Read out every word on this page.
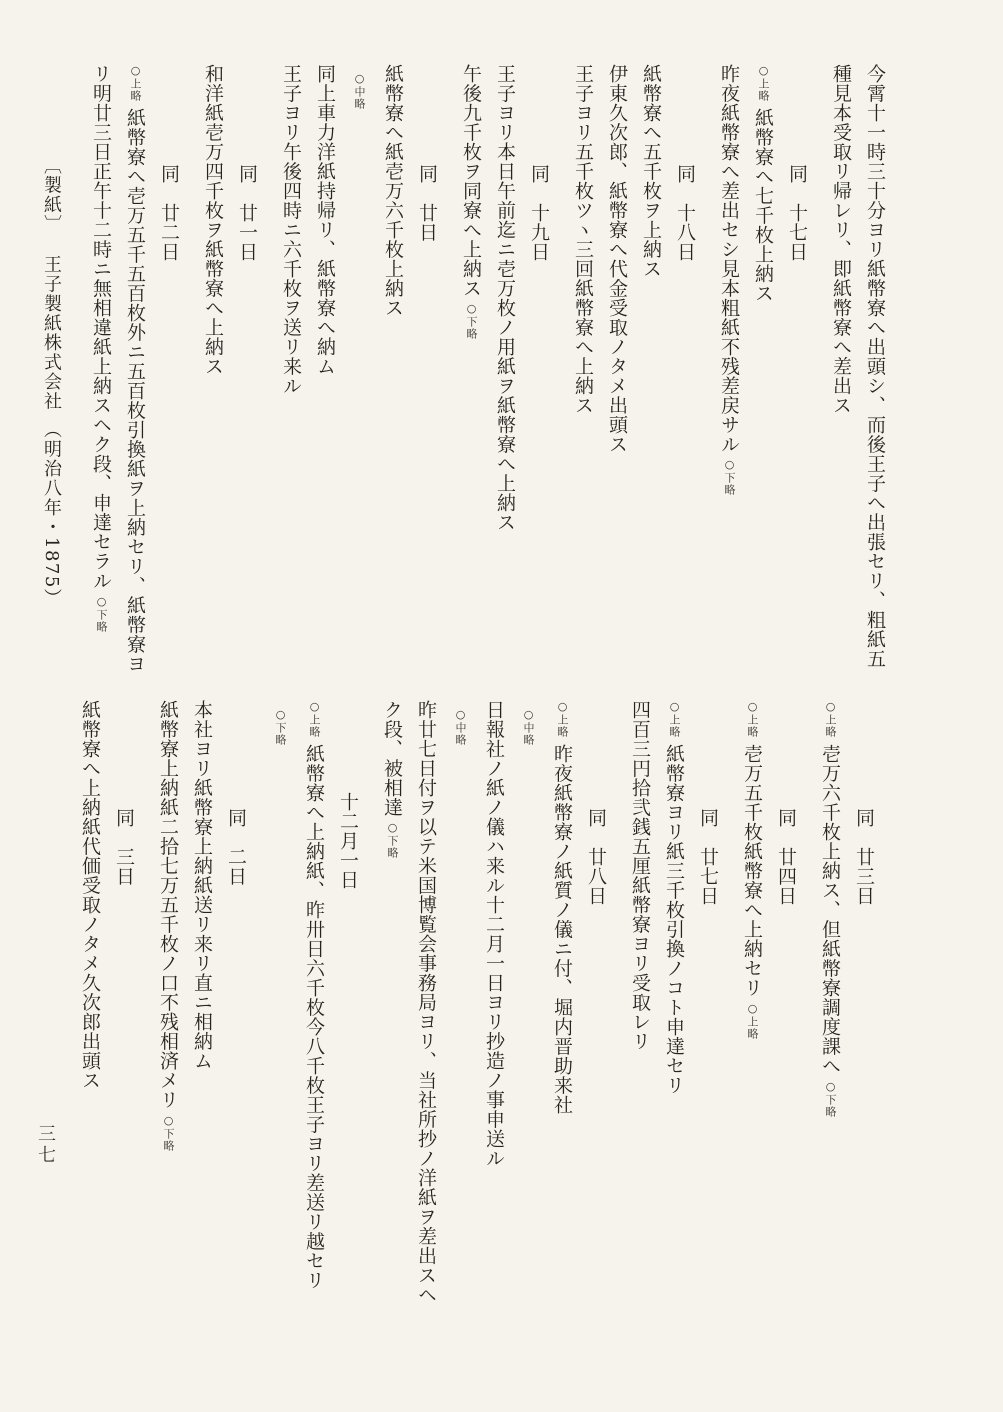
今霄十一時三十分ヨリ紙幣寮へ出頭シ、而後王子へ出張セリ、粗紙五
種見本受取リ帰レリ、即紙幣寮へ差出ス
同　十七日
○上略紙幣寮へ七千枚上納ス
昨夜紙幣寮へ差出セシ見本粗紙不残差戻サル○下略
同　十八日
紙幣寮へ五千枚ヲ上納ス
伊東久次郎、紙幣寮へ代金受取ノタメ出頭ス
王子ヨリ五千枚ツヽ三回紙幣寮へ上納ス
同　十九日
王子ヨリ本日午前迄ニ壱万枚ノ用紙ヲ紙幣寮へ上納ス
午後九千枚ヲ同寮へ上納ス○下略
同　廿日
紙幣寮へ紙壱万六千枚上納ス
○中略
同上車力洋紙持帰リ、紙幣寮へ納ム
王子ヨリ午後四時ニ六千枚ヲ送リ来ル
同　廿一日
和洋紙壱万四千枚ヲ紙幣寮へ上納ス
同　廿二日
○上略紙幣寮へ壱万五千五百枚外ニ五百枚引換紙ヲ上納セリ、紙幣寮ヨ
リ明廿三日正午十二時ニ無相違紙上納スヘク段、申達セラル○下略
〔製紙〕 王子製紙株式会社 （明治八年・1875）
同　廿三日
○上略壱万六千枚上納ス、但紙幣寮調度課へ○下略
同　廿四日
○上略壱万五千枚紙幣寮へ上納セリ○上略
同　廿七日
○上略紙幣寮ヨリ紙三千枚引換ノコト申達セリ
四百三円拾弐銭五厘紙幣寮ヨリ受取レリ
同　廿八日
○上略昨夜紙幣寮ノ紙質ノ儀ニ付、堀内晋助来社
○中略
日報社ノ紙ノ儀ハ来ル十二月一日ヨリ抄造ノ事申送ル
○中略
昨廿七日付ヲ以テ米国博覧会事務局ヨリ、当社所抄ノ洋紙ヲ差出スヘ
ク段、被相達○下略
十二月一日
○上略紙幣寮へ上納紙、昨卅日六千枚今八千枚王子ヨリ差送リ越セリ
○下略
同　二日
本社ヨリ紙幣寮上納紙送リ来リ直ニ相納ム
紙幣寮上納紙二拾七万五千枚ノ口不残相済メリ○下略
同　三日
紙幣寮へ上納紙代価受取ノタメ久次郎出頭ス
三七
